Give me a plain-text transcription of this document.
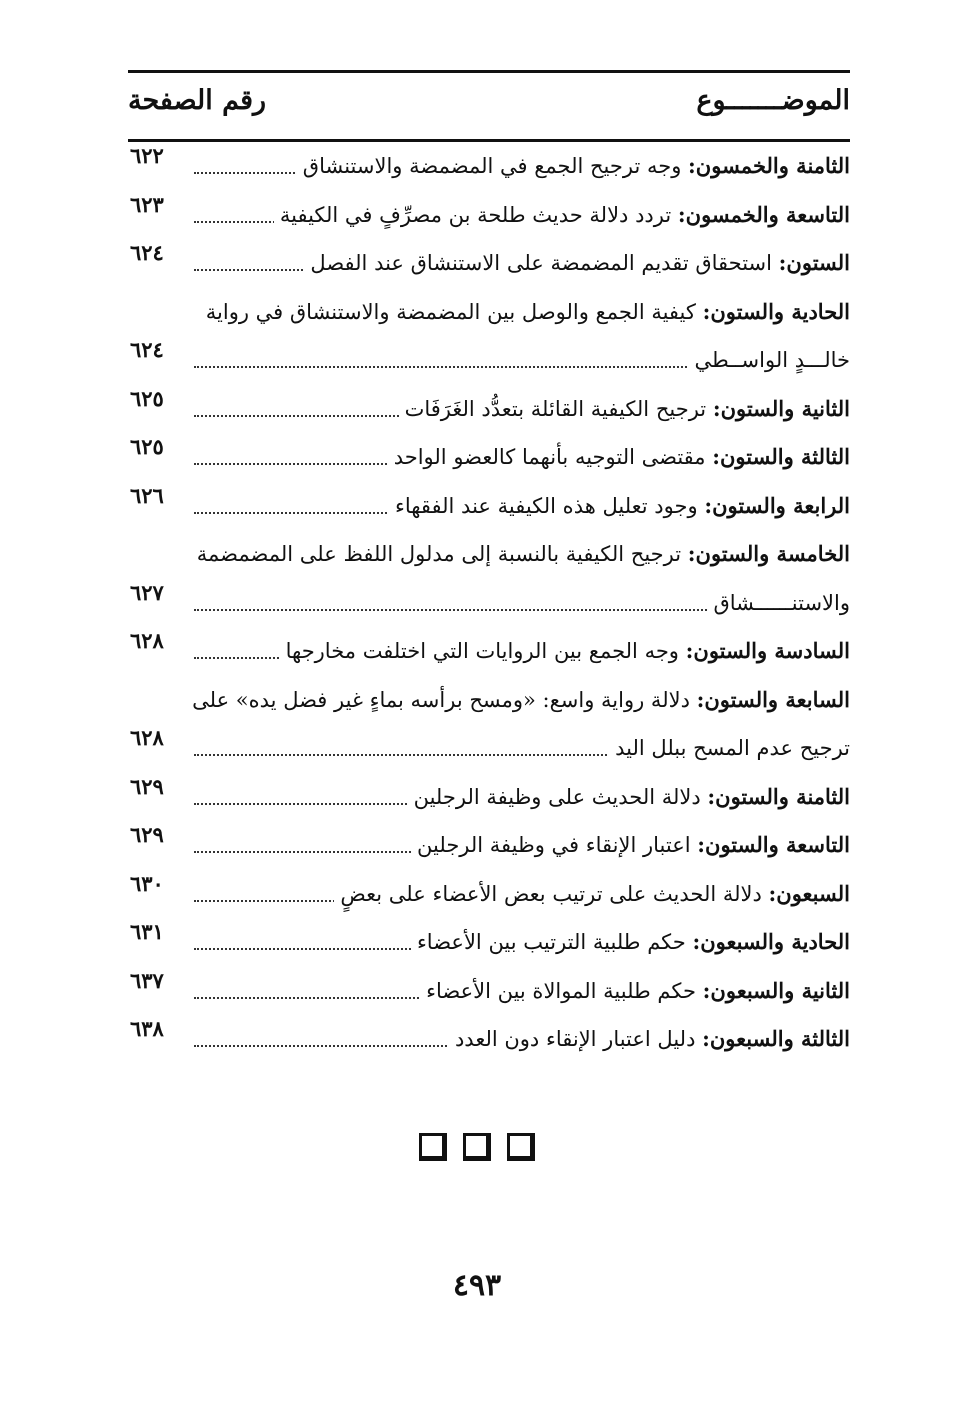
الموضـــــــوع
رقم الصفحة
الثامنة والخمسون: وجه ترجيح الجمع في المضمضة والاستنشاق
٦٢٢
التاسعة والخمسون: تردد دلالة حديث طلحة بن مصرِّفٍ في الكيفية
٦٢٣
الستون: استحقاق تقديم المضمضة على الاستنشاق عند الفصل
٦٢٤
الحادية والستون: كيفية الجمع والوصل بين المضمضة والاستنشاق في رواية
خالـــدٍ الواســطي
٦٢٤
الثانية والستون: ترجيح الكيفية القائلة بتعدُّد الغَرَفَات
٦٢٥
الثالثة والستون: مقتضى التوجيه بأنهما كالعضو الواحد
٦٢٥
الرابعة والستون: وجود تعليل هذه الكيفية عند الفقهاء
٦٢٦
الخامسة والستون: ترجيح الكيفية بالنسبة إلى مدلول اللفظ على المضمضمة
والاستنــــــشاق
٦٢٧
السادسة والستون: وجه الجمع بين الروايات التي اختلفت مخارجها
٦٢٨
السابعة والستون: دلالة رواية واسع: «ومسح برأسه بماءٍ غير فضل يده» على
ترجيح عدم المسح ببلل اليد
٦٢٨
الثامنة والستون: دلالة الحديث على وظيفة الرجلين
٦٢٩
التاسعة والستون: اعتبار الإنقاء في وظيفة الرجلين
٦٢٩
السبعون: دلالة الحديث على ترتيب بعض الأعضاء على بعضٍ
٦٣٠
الحادية والسبعون: حكم طلبية الترتيب بين الأعضاء
٦٣١
الثانية والسبعون: حكم طلبية الموالاة بين الأعضاء
٦٣٧
الثالثة والسبعون: دليل اعتبار الإنقاء دون العدد
٦٣٨
٤٩٣
